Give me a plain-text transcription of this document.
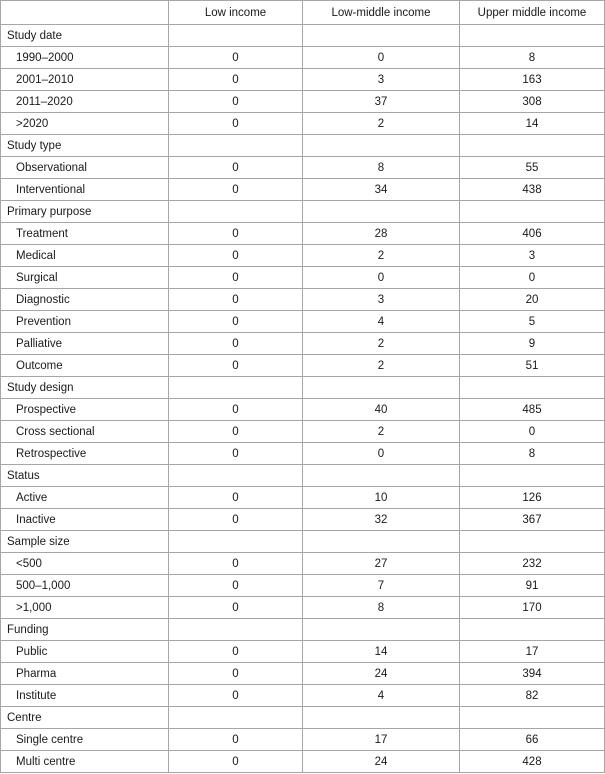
	Low income	Low-middle income	Upper middle income
Study date			
1990–2000	0	0	8
2001–2010	0	3	163
2011–2020	0	37	308
>2020	0	2	14
Study type			
Observational	0	8	55
Interventional	0	34	438
Primary purpose			
Treatment	0	28	406
Medical	0	2	3
Surgical	0	0	0
Diagnostic	0	3	20
Prevention	0	4	5
Palliative	0	2	9
Outcome	0	2	51
Study design			
Prospective	0	40	485
Cross sectional	0	2	0
Retrospective	0	0	8
Status			
Active	0	10	126
Inactive	0	32	367
Sample size			
<500	0	27	232
500–1,000	0	7	91
>1,000	0	8	170
Funding			
Public	0	14	17
Pharma	0	24	394
Institute	0	4	82
Centre			
Single centre	0	17	66
Multi centre	0	24	428
